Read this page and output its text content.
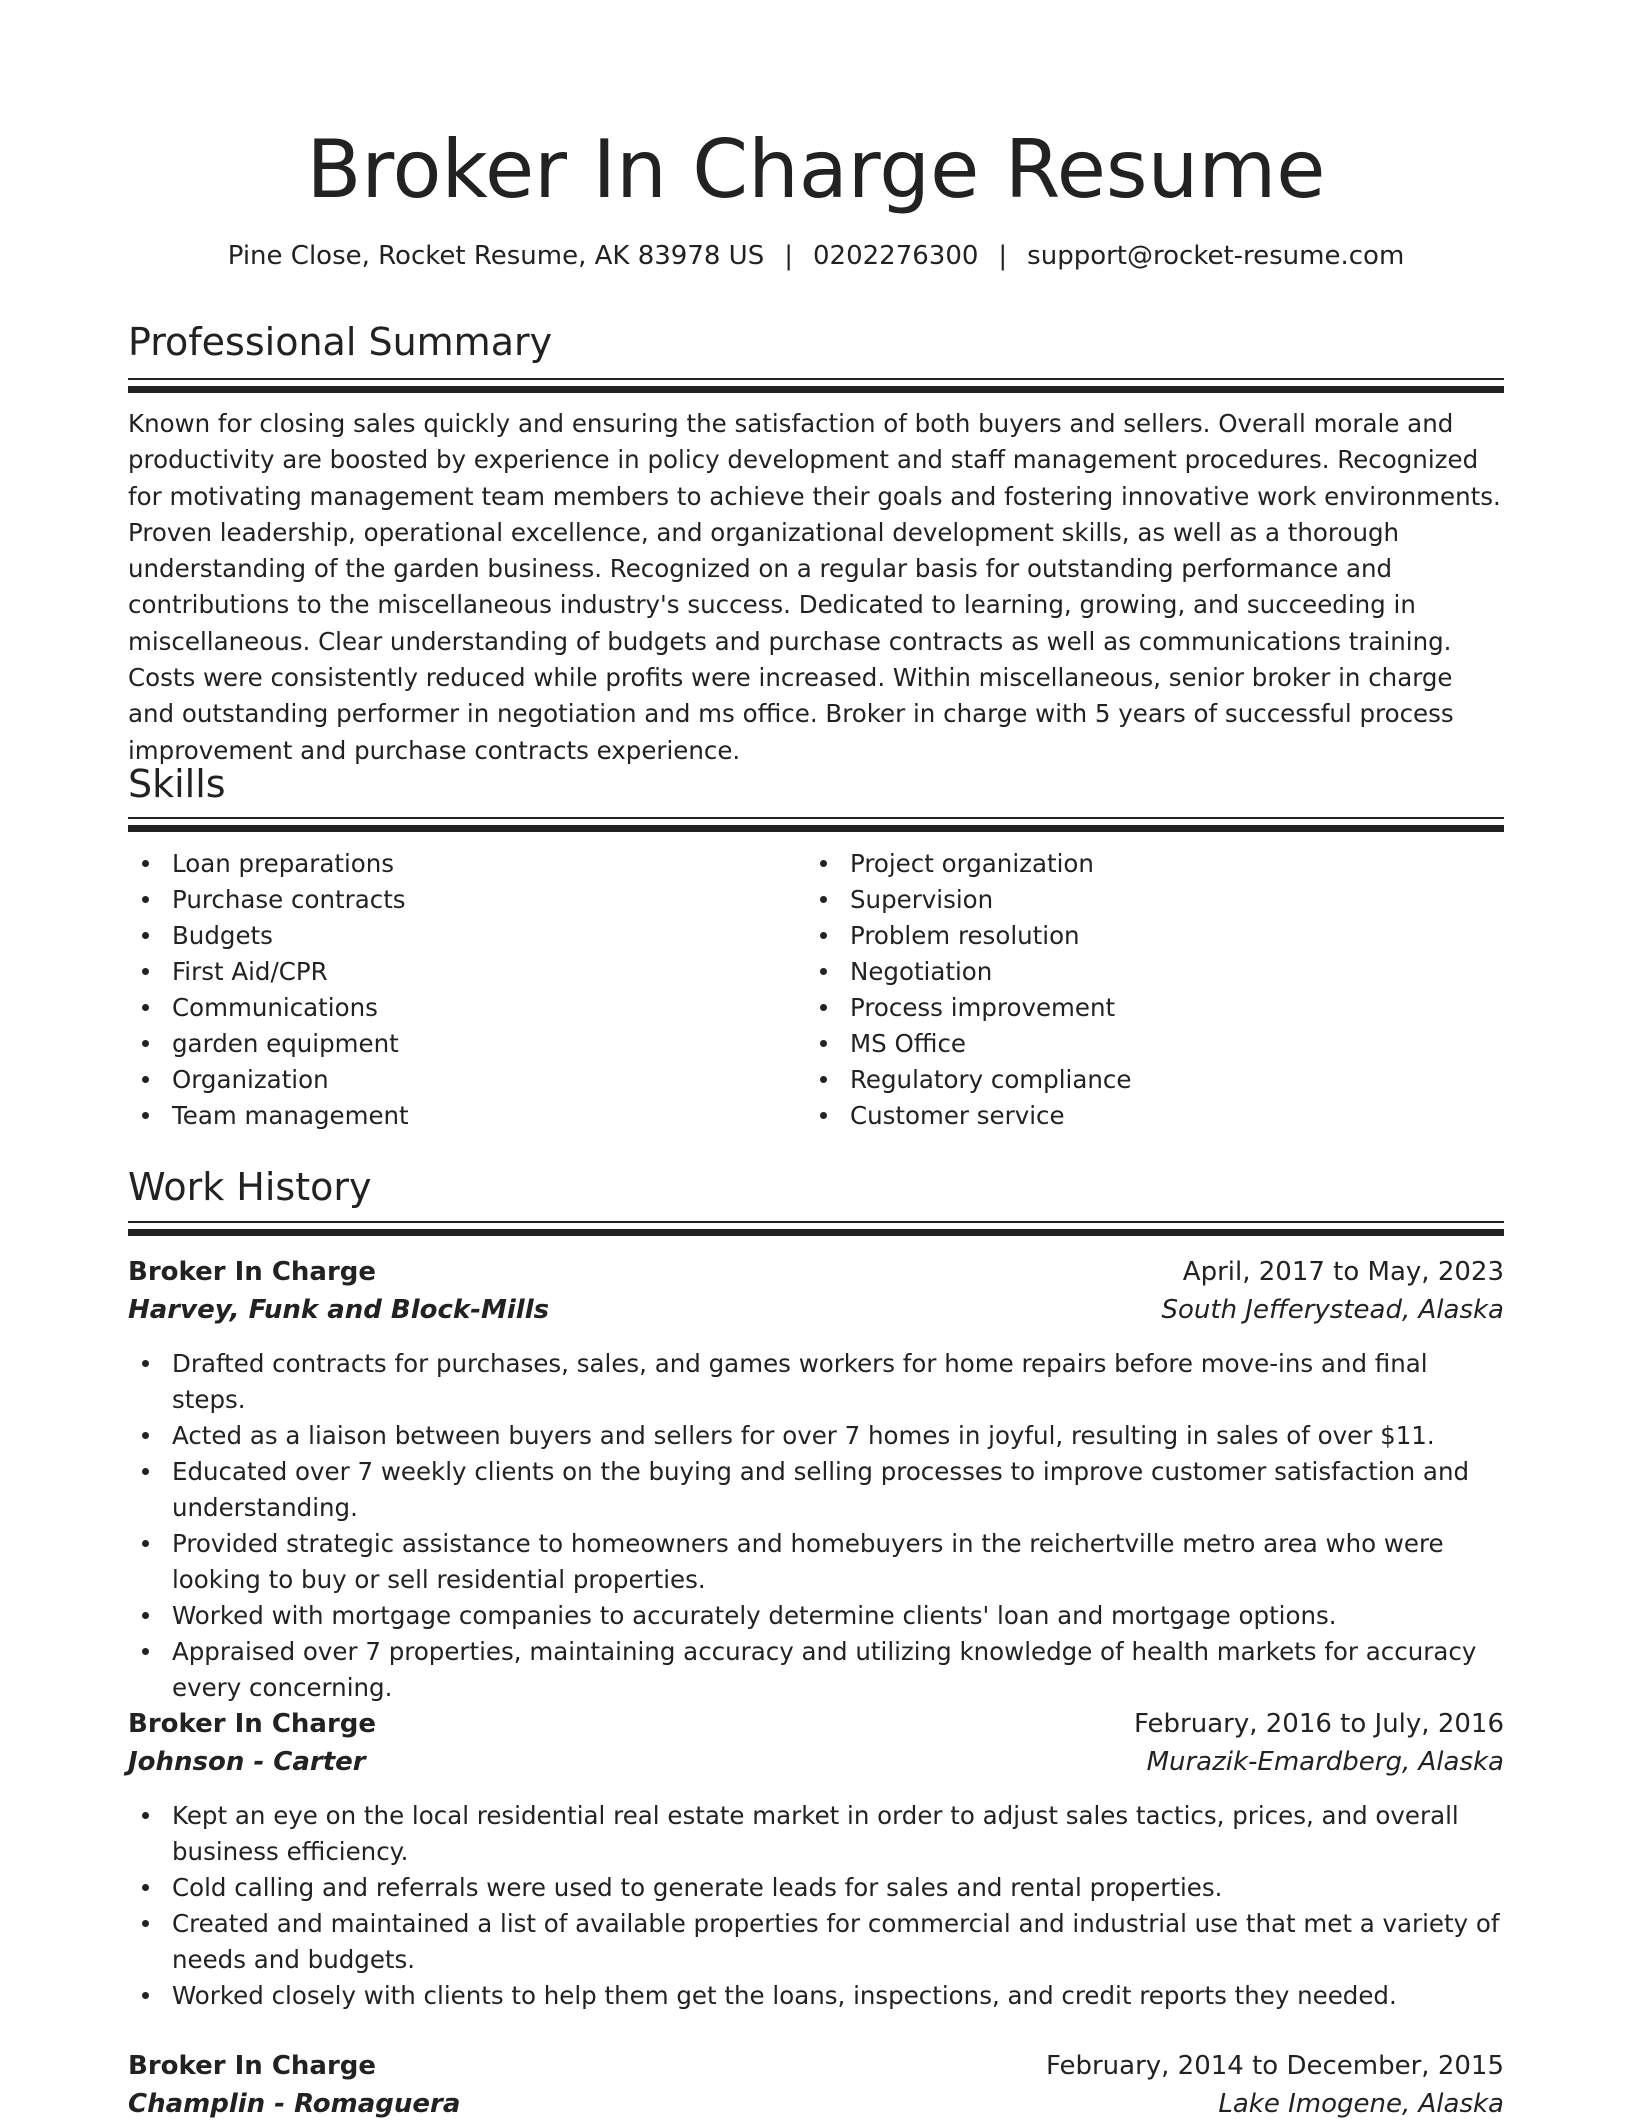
Broker In Charge Resume
Pine Close, Rocket Resume, AK 83978 US | 0202276300 | support@rocket-resume.com
Professional Summary

Known for closing sales quickly and ensuring the satisfaction of both buyers and sellers. Overall morale and productivity are boosted by experience in policy development and staff management procedures. Recognized for motivating management team members to achieve their goals and fostering innovative work environments. Proven leadership, operational excellence, and organizational development skills, as well as a thorough understanding of the garden business. Recognized on a regular basis for outstanding performance and contributions to the miscellaneous industry's success. Dedicated to learning, growing, and succeeding in miscellaneous. Clear understanding of budgets and purchase contracts as well as communications training. Costs were consistently reduced while profits were increased. Within miscellaneous, senior broker in charge and outstanding performer in negotiation and ms office. Broker in charge with 5 years of successful process improvement and purchase contracts experience.

Skills
Loan preparations
Purchase contracts
Budgets
First Aid/CPR
Communications
garden equipment
Organization
Team management
Project organization
Supervision
Problem resolution
Negotiation
Process improvement
MS Office
Regulatory compliance
Customer service
Work History
Broker In Charge	April, 2017 to May, 2023
Harvey, Funk and Block-Mills	South Jefferystead, Alaska
Drafted contracts for purchases, sales, and games workers for home repairs before move-ins and final steps.
Acted as a liaison between buyers and sellers for over 7 homes in joyful, resulting in sales of over $11.
Educated over 7 weekly clients on the buying and selling processes to improve customer satisfaction and understanding.
Provided strategic assistance to homeowners and homebuyers in the reichertville metro area who were looking to buy or sell residential properties.
Worked with mortgage companies to accurately determine clients' loan and mortgage options.
Appraised over 7 properties, maintaining accuracy and utilizing knowledge of health markets for accuracy every concerning.
Broker In Charge	February, 2016 to July, 2016
Johnson - Carter	Murazik-Emardberg, Alaska
Kept an eye on the local residential real estate market in order to adjust sales tactics, prices, and overall business efficiency.
Cold calling and referrals were used to generate leads for sales and rental properties.
Created and maintained a list of available properties for commercial and industrial use that met a variety of needs and budgets.
Worked closely with clients to help them get the loans, inspections, and credit reports they needed.
Broker In Charge	February, 2014 to December, 2015
Champlin - Romaguera	Lake Imogene, Alaska
